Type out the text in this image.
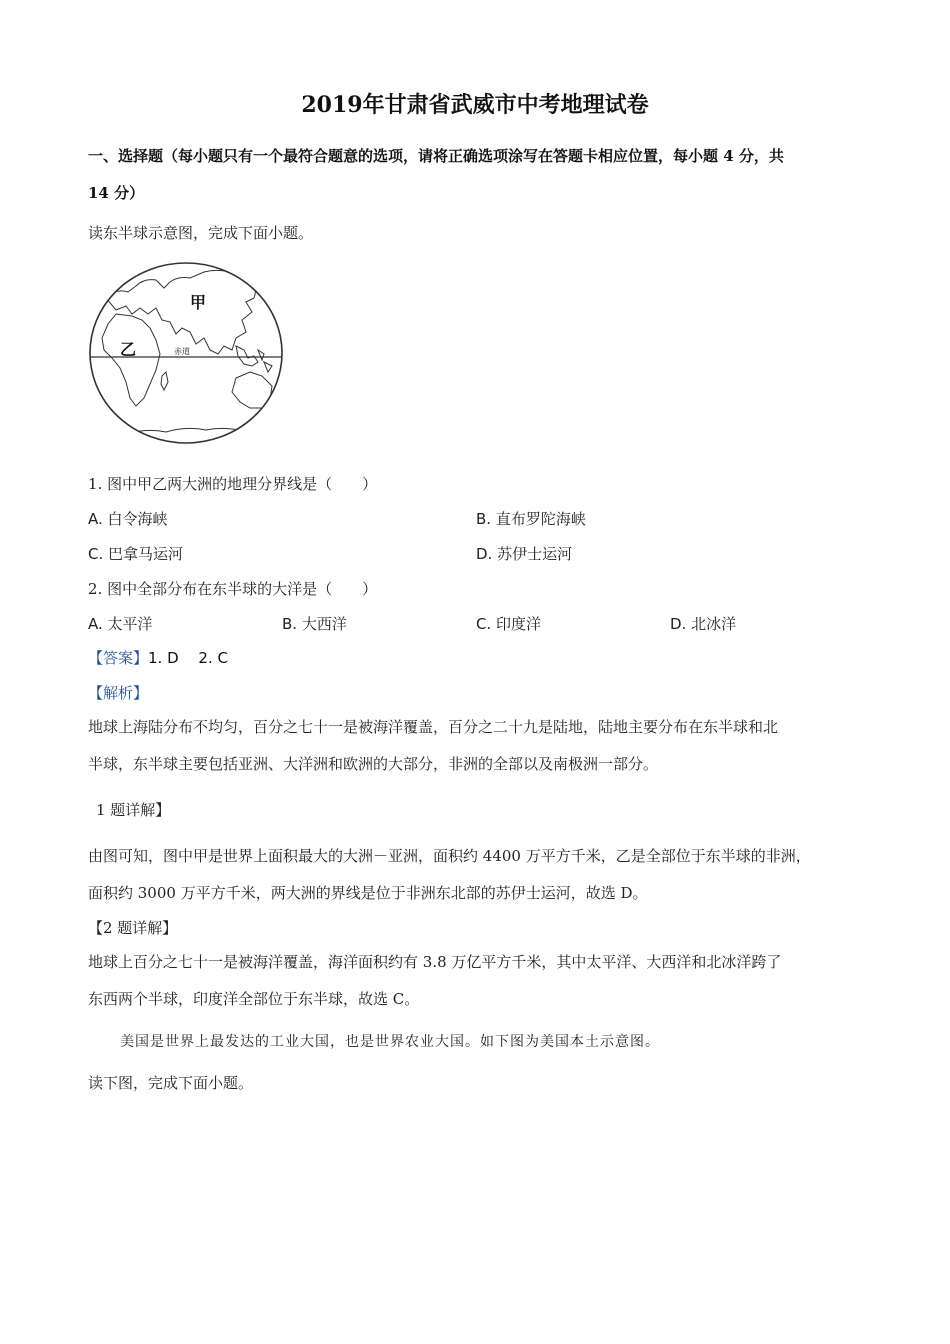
2019年甘肃省武威市中考地理试卷
一、选择题（每小题只有一个最符合题意的选项，请将正确选项涂写在答题卡相应位置，每小题 4 分，共
14 分）
读东半球示意图，完成下面小题。
甲
乙	赤道
1. 图中甲乙两大洲的地理分界线是（　　）
A. 白令海峡	B. 直布罗陀海峡
C. 巴拿马运河	D. 苏伊士运河
2. 图中全部分布在东半球的大洋是（　　）
A. 太平洋	B. 大西洋	C. 印度洋	D. 北冰洋
【答案】1. D　 2. C
【解析】
地球上海陆分布不均匀，百分之七十一是被海洋覆盖，百分之二十九是陆地，陆地主要分布在东半球和北
半球，东半球主要包括亚洲、大洋洲和欧洲的大部分，非洲的全部以及南极洲一部分。
1 题详解】
由图可知，图中甲是世界上面积最大的大洲－亚洲，面积约 4400 万平方千米，乙是全部位于东半球的非洲，
面积约 3000 万平方千米，两大洲的界线是位于非洲东北部的苏伊士运河，故选 D。
【2 题详解】
地球上百分之七十一是被海洋覆盖，海洋面积约有 3.8 万亿平方千米，其中太平洋、大西洋和北冰洋跨了
东西两个半球，印度洋全部位于东半球，故选 C。
美国是世界上最发达的工业大国，也是世界农业大国。如下图为美国本土示意图。
读下图，完成下面小题。
